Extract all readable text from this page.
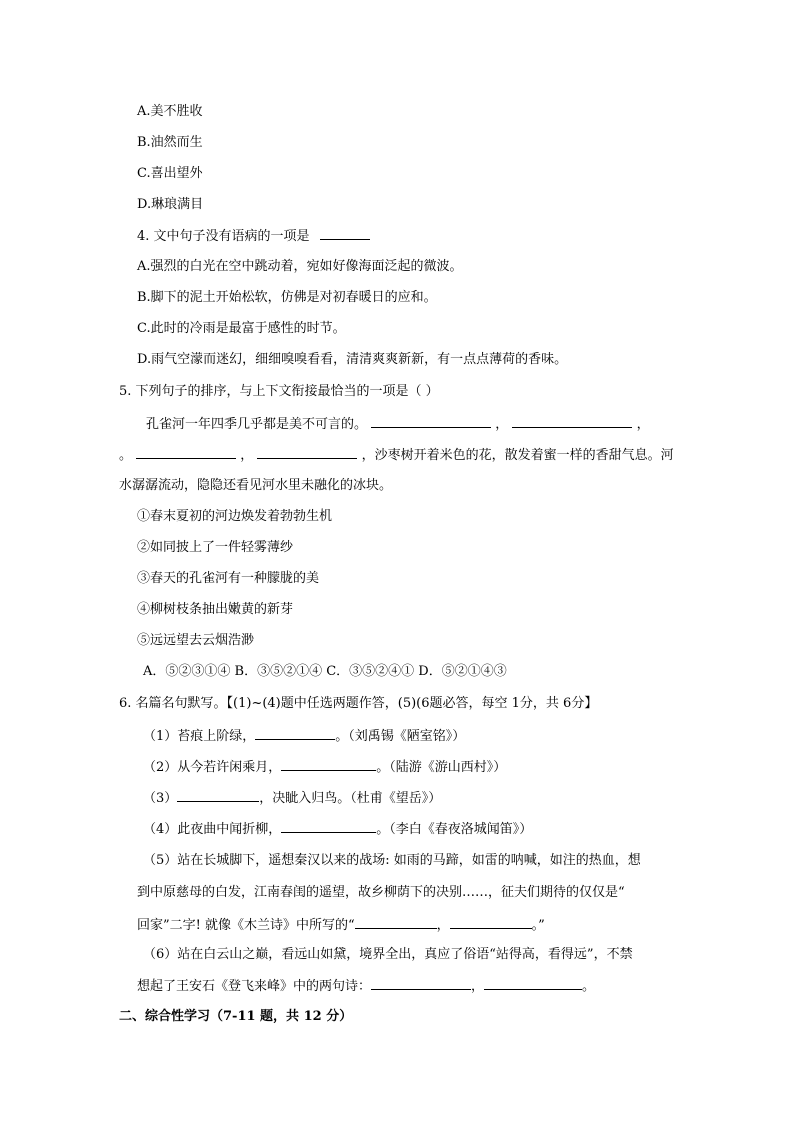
A.美不胜收
B.油然而生
C.喜出望外
D.琳琅满目
4. 文中句子没有语病的一项是
A.强烈的白光在空中跳动着，宛如好像海面泛起的微波。
B.脚下的泥土开始松软，仿佛是对初春暖日的应和。
C.此时的冷雨是最富于感性的时节。
D.雨气空濛而迷幻，细细嗅嗅看看，清清爽爽新新，有一点点薄荷的香味。
5. 下列句子的排序，与上下文衔接最恰当的一项是（ ）
孔雀河一年四季几乎都是美不可言的。	，	，
。	，	，沙枣树开着米色的花，散发着蜜一样的香甜气息。河
水潺潺流动，隐隐还看见河水里未融化的冰块。
①春末夏初的河边焕发着勃勃生机
②如同披上了一件轻雾薄纱
③春天的孔雀河有一种朦胧的美
④柳树枝条抽出嫩黄的新芽
⑤远远望去云烟浩渺
A．⑤②③①④ B．③⑤②①④ C．③⑤②④① D．⑤②①④③
6. 名篇名句默写。【(1)~(4)题中任选两题作答，(5)(6题必答，每空 1分，共 6分】
（1）苔痕上阶绿，	。（刘禹锡《陋室铭》）
（2）从今若许闲乘月，	。（陆游《游山西村》）
（3）	，决眦入归鸟。（杜甫《望岳》）
（4）此夜曲中闻折柳，	。（李白《春夜洛城闻笛》）
（5）站在长城脚下，遥想秦汉以来的战场: 如雨的马蹄，如雷的呐喊，如注的热血，想
到中原慈母的白发，江南春闺的遥望，故乡柳荫下的决别……，征夫们期待的仅仅是“
回家”二字! 就像《木兰诗》中所写的“	，	。”
（6）站在白云山之巅，看远山如黛，境界全出，真应了俗语“站得高，看得远”，不禁
想起了王安石《登飞来峰》中的两句诗：	，	。
二、综合性学习（7-11 题，共 12 分）
